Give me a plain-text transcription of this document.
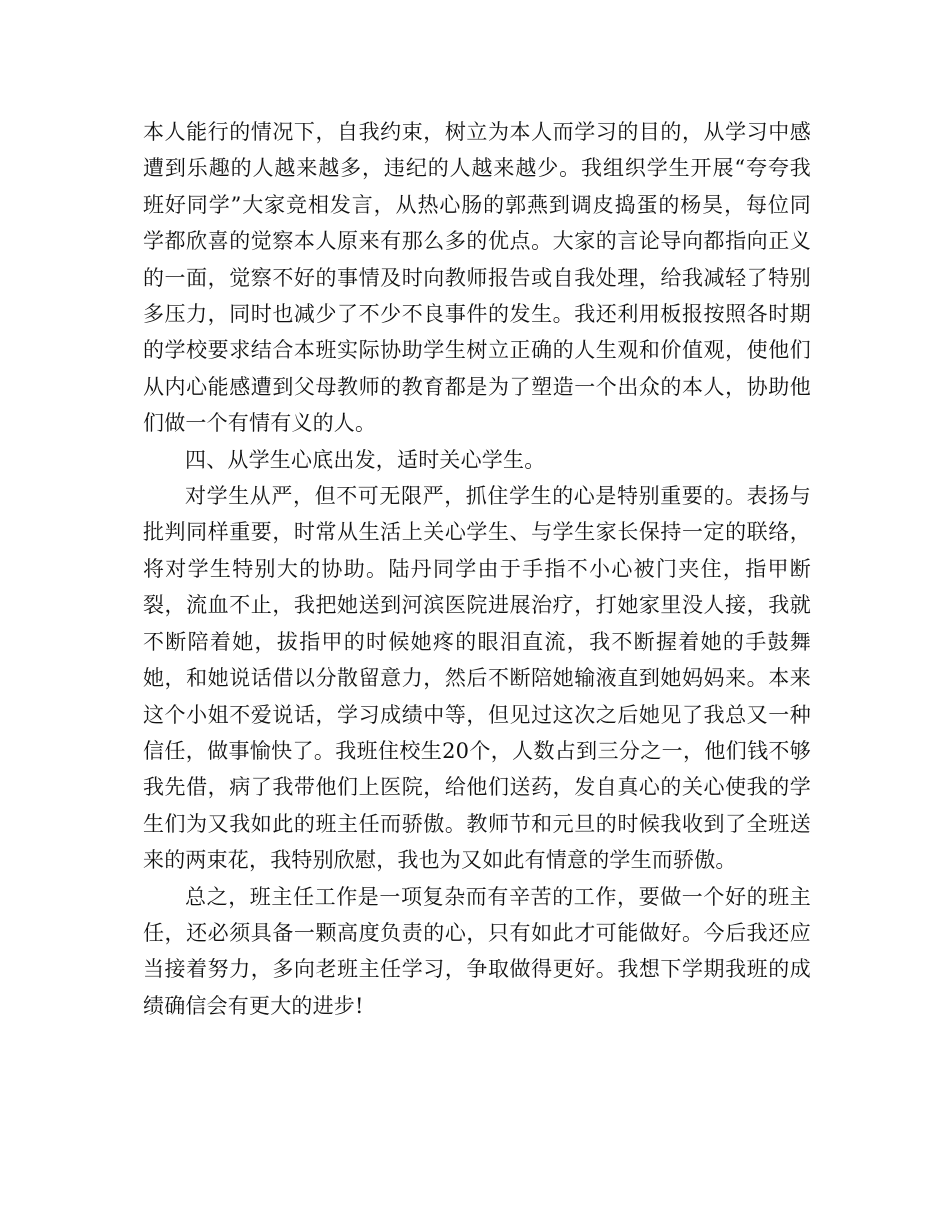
本人能行的情况下，自我约束，树立为本人而学习的目的，从学习中感遭到乐趣的人越来越多，违纪的人越来越少。我组织学生开展“夸夸我班好同学”大家竞相发言，从热心肠的郭燕到调皮捣蛋的杨昊，每位同学都欣喜的觉察本人原来有那么多的优点。大家的言论导向都指向正义的一面，觉察不好的事情及时向教师报告或自我处理，给我减轻了特别多压力，同时也减少了不少不良事件的发生。我还利用板报按照各时期的学校要求结合本班实际协助学生树立正确的人生观和价值观，使他们从内心能感遭到父母教师的教育都是为了塑造一个出众的本人，协助他们做一个有情有义的人。

四、从学生心底出发，适时关心学生。

对学生从严，但不可无限严，抓住学生的心是特别重要的。表扬与批判同样重要，时常从生活上关心学生、与学生家长保持一定的联络，将对学生特别大的协助。陆丹同学由于手指不小心被门夹住，指甲断裂，流血不止，我把她送到河滨医院进展治疗，打她家里没人接，我就不断陪着她，拔指甲的时候她疼的眼泪直流，我不断握着她的手鼓舞她，和她说话借以分散留意力，然后不断陪她输液直到她妈妈来。本来这个小姐不爱说话，学习成绩中等，但见过这次之后她见了我总又一种信任，做事愉快了。我班住校生20个，人数占到三分之一，他们钱不够我先借，病了我带他们上医院，给他们送药，发自真心的关心使我的学生们为又我如此的班主任而骄傲。教师节和元旦的时候我收到了全班送来的两束花，我特别欣慰，我也为又如此有情意的学生而骄傲。

总之，班主任工作是一项复杂而有辛苦的工作，要做一个好的班主任，还必须具备一颗高度负责的心，只有如此才可能做好。今后我还应当接着努力，多向老班主任学习，争取做得更好。我想下学期我班的成绩确信会有更大的进步!
